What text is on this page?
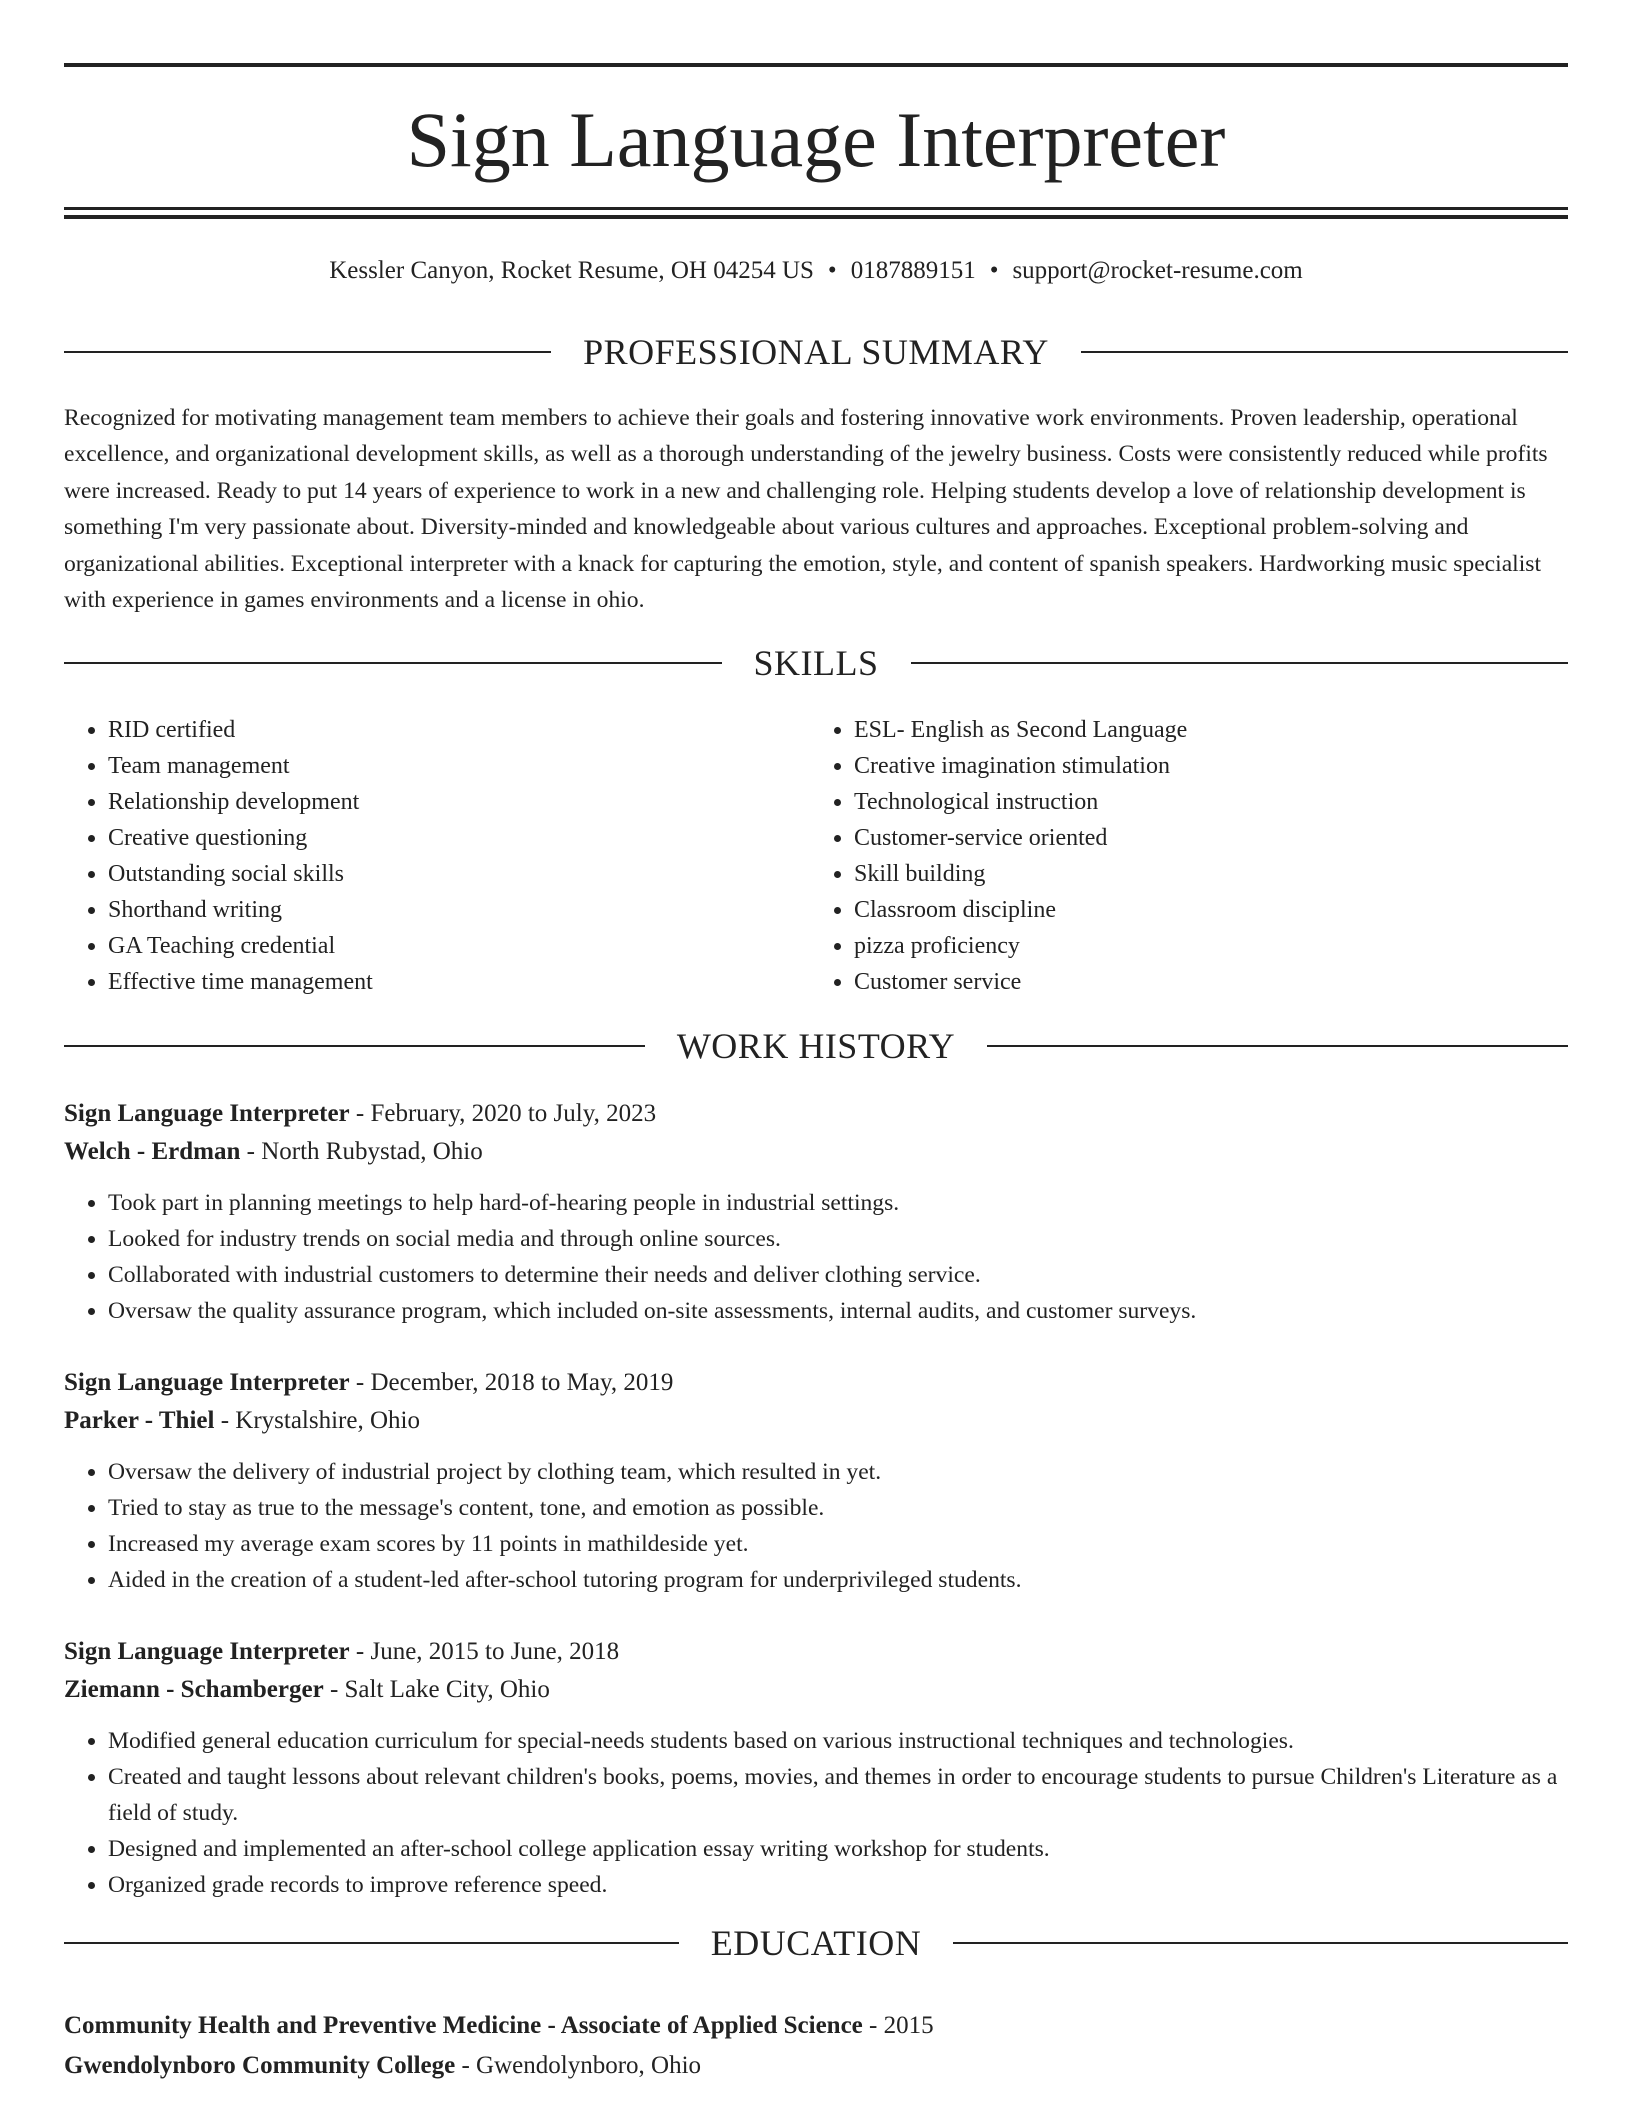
Sign Language Interpreter
Kessler Canyon, Rocket Resume, OH 04254 US • 0187889151 • support@rocket-resume.com
PROFESSIONAL SUMMARY
Recognized for motivating management team members to achieve their goals and fostering innovative work environments. Proven leadership, operational excellence, and organizational development skills, as well as a thorough understanding of the jewelry business. Costs were consistently reduced while profits were increased. Ready to put 14 years of experience to work in a new and challenging role. Helping students develop a love of relationship development is something I'm very passionate about. Diversity-minded and knowledgeable about various cultures and approaches. Exceptional problem-solving and organizational abilities. Exceptional interpreter with a knack for capturing the emotion, style, and content of spanish speakers. Hardworking music specialist with experience in games environments and a license in ohio.
SKILLS
• RID certified
• Team management
• Relationship development
• Creative questioning
• Outstanding social skills
• Shorthand writing
• GA Teaching credential
• Effective time management
• ESL- English as Second Language
• Creative imagination stimulation
• Technological instruction
• Customer-service oriented
• Skill building
• Classroom discipline
• pizza proficiency
• Customer service
WORK HISTORY
Sign Language Interpreter - February, 2020 to July, 2023
Welch - Erdman - North Rubystad, Ohio
• Took part in planning meetings to help hard-of-hearing people in industrial settings.
• Looked for industry trends on social media and through online sources.
• Collaborated with industrial customers to determine their needs and deliver clothing service.
• Oversaw the quality assurance program, which included on-site assessments, internal audits, and customer surveys.
Sign Language Interpreter - December, 2018 to May, 2019
Parker - Thiel - Krystalshire, Ohio
• Oversaw the delivery of industrial project by clothing team, which resulted in yet.
• Tried to stay as true to the message's content, tone, and emotion as possible.
• Increased my average exam scores by 11 points in mathildeside yet.
• Aided in the creation of a student-led after-school tutoring program for underprivileged students.
Sign Language Interpreter - June, 2015 to June, 2018
Ziemann - Schamberger - Salt Lake City, Ohio
• Modified general education curriculum for special-needs students based on various instructional techniques and technologies.
• Created and taught lessons about relevant children's books, poems, movies, and themes in order to encourage students to pursue Children's Literature as a field of study.
• Designed and implemented an after-school college application essay writing workshop for students.
• Organized grade records to improve reference speed.
EDUCATION
Community Health and Preventive Medicine - Associate of Applied Science - 2015
Gwendolynboro Community College - Gwendolynboro, Ohio
